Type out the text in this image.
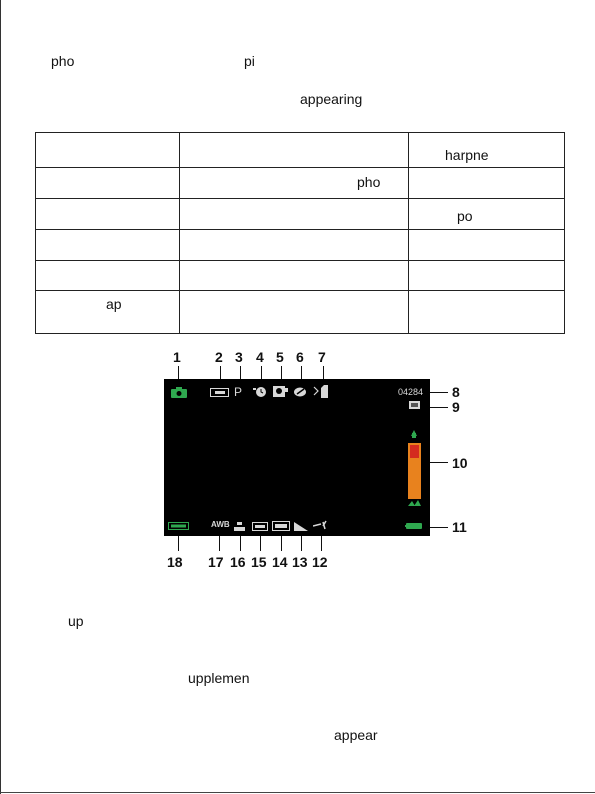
pho	pi
appearing

		harpne

	pho	

		po

ap		

1 2 3 4 5 6 7
8
9
10
11
18 17 16 15 14 13 12
P	04284
AWB
up
upplemen
appear
